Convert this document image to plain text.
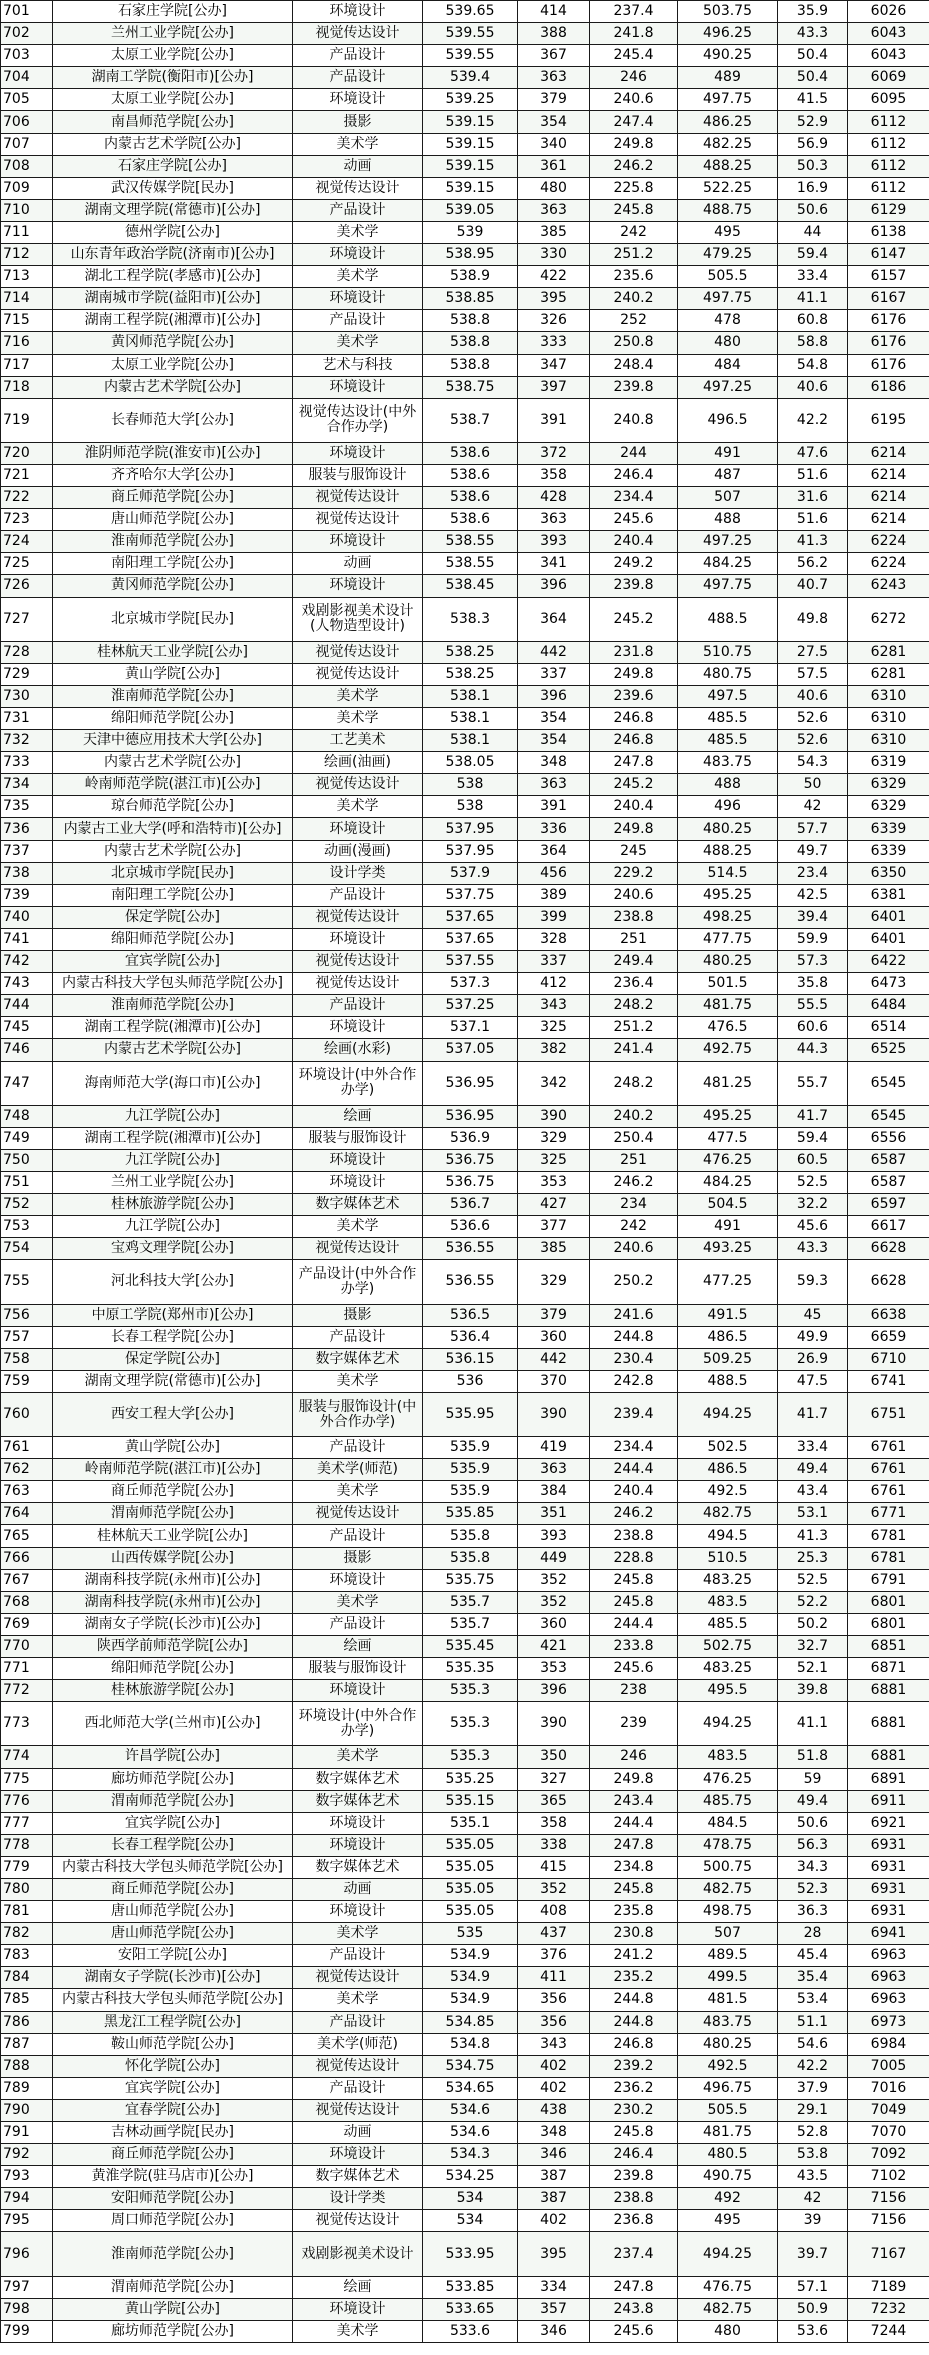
701	石家庄学院[公办]	环境设计	539.65	414	237.4	503.75	35.9	6026
702	兰州工业学院[公办]	视觉传达设计	539.55	388	241.8	496.25	43.3	6043
703	太原工业学院[公办]	产品设计	539.55	367	245.4	490.25	50.4	6043
704	湖南工学院(衡阳市)[公办]	产品设计	539.4	363	246	489	50.4	6069
705	太原工业学院[公办]	环境设计	539.25	379	240.6	497.75	41.5	6095
706	南昌师范学院[公办]	摄影	539.15	354	247.4	486.25	52.9	6112
707	内蒙古艺术学院[公办]	美术学	539.15	340	249.8	482.25	56.9	6112
708	石家庄学院[公办]	动画	539.15	361	246.2	488.25	50.3	6112
709	武汉传媒学院[民办]	视觉传达设计	539.15	480	225.8	522.25	16.9	6112
710	湖南文理学院(常德市)[公办]	产品设计	539.05	363	245.8	488.75	50.6	6129
711	德州学院[公办]	美术学	539	385	242	495	44	6138
712	山东青年政治学院(济南市)[公办]	环境设计	538.95	330	251.2	479.25	59.4	6147
713	湖北工程学院(孝感市)[公办]	美术学	538.9	422	235.6	505.5	33.4	6157
714	湖南城市学院(益阳市)[公办]	环境设计	538.85	395	240.2	497.75	41.1	6167
715	湖南工程学院(湘潭市)[公办]	产品设计	538.8	326	252	478	60.8	6176
716	黄冈师范学院[公办]	美术学	538.8	333	250.8	480	58.8	6176
717	太原工业学院[公办]	艺术与科技	538.8	347	248.4	484	54.8	6176
718	内蒙古艺术学院[公办]	环境设计	538.75	397	239.8	497.25	40.6	6186
719	长春师范大学[公办]	视觉传达设计(中外合作办学)	538.7	391	240.8	496.5	42.2	6195
720	淮阴师范学院(淮安市)[公办]	环境设计	538.6	372	244	491	47.6	6214
721	齐齐哈尔大学[公办]	服装与服饰设计	538.6	358	246.4	487	51.6	6214
722	商丘师范学院[公办]	视觉传达设计	538.6	428	234.4	507	31.6	6214
723	唐山师范学院[公办]	视觉传达设计	538.6	363	245.6	488	51.6	6214
724	淮南师范学院[公办]	环境设计	538.55	393	240.4	497.25	41.3	6224
725	南阳理工学院[公办]	动画	538.55	341	249.2	484.25	56.2	6224
726	黄冈师范学院[公办]	环境设计	538.45	396	239.8	497.75	40.7	6243
727	北京城市学院[民办]	戏剧影视美术设计(人物造型设计)	538.3	364	245.2	488.5	49.8	6272
728	桂林航天工业学院[公办]	视觉传达设计	538.25	442	231.8	510.75	27.5	6281
729	黄山学院[公办]	视觉传达设计	538.25	337	249.8	480.75	57.5	6281
730	淮南师范学院[公办]	美术学	538.1	396	239.6	497.5	40.6	6310
731	绵阳师范学院[公办]	美术学	538.1	354	246.8	485.5	52.6	6310
732	天津中德应用技术大学[公办]	工艺美术	538.1	354	246.8	485.5	52.6	6310
733	内蒙古艺术学院[公办]	绘画(油画)	538.05	348	247.8	483.75	54.3	6319
734	岭南师范学院(湛江市)[公办]	视觉传达设计	538	363	245.2	488	50	6329
735	琼台师范学院[公办]	美术学	538	391	240.4	496	42	6329
736	内蒙古工业大学(呼和浩特市)[公办]	环境设计	537.95	336	249.8	480.25	57.7	6339
737	内蒙古艺术学院[公办]	动画(漫画)	537.95	364	245	488.25	49.7	6339
738	北京城市学院[民办]	设计学类	537.9	456	229.2	514.5	23.4	6350
739	南阳理工学院[公办]	产品设计	537.75	389	240.6	495.25	42.5	6381
740	保定学院[公办]	视觉传达设计	537.65	399	238.8	498.25	39.4	6401
741	绵阳师范学院[公办]	环境设计	537.65	328	251	477.75	59.9	6401
742	宜宾学院[公办]	视觉传达设计	537.55	337	249.4	480.25	57.3	6422
743	内蒙古科技大学包头师范学院[公办]	视觉传达设计	537.3	412	236.4	501.5	35.8	6473
744	淮南师范学院[公办]	产品设计	537.25	343	248.2	481.75	55.5	6484
745	湖南工程学院(湘潭市)[公办]	环境设计	537.1	325	251.2	476.5	60.6	6514
746	内蒙古艺术学院[公办]	绘画(水彩)	537.05	382	241.4	492.75	44.3	6525
747	海南师范大学(海口市)[公办]	环境设计(中外合作办学)	536.95	342	248.2	481.25	55.7	6545
748	九江学院[公办]	绘画	536.95	390	240.2	495.25	41.7	6545
749	湖南工程学院(湘潭市)[公办]	服装与服饰设计	536.9	329	250.4	477.5	59.4	6556
750	九江学院[公办]	环境设计	536.75	325	251	476.25	60.5	6587
751	兰州工业学院[公办]	环境设计	536.75	353	246.2	484.25	52.5	6587
752	桂林旅游学院[公办]	数字媒体艺术	536.7	427	234	504.5	32.2	6597
753	九江学院[公办]	美术学	536.6	377	242	491	45.6	6617
754	宝鸡文理学院[公办]	视觉传达设计	536.55	385	240.6	493.25	43.3	6628
755	河北科技大学[公办]	产品设计(中外合作办学)	536.55	329	250.2	477.25	59.3	6628
756	中原工学院(郑州市)[公办]	摄影	536.5	379	241.6	491.5	45	6638
757	长春工程学院[公办]	产品设计	536.4	360	244.8	486.5	49.9	6659
758	保定学院[公办]	数字媒体艺术	536.15	442	230.4	509.25	26.9	6710
759	湖南文理学院(常德市)[公办]	美术学	536	370	242.8	488.5	47.5	6741
760	西安工程大学[公办]	服装与服饰设计(中外合作办学)	535.95	390	239.4	494.25	41.7	6751
761	黄山学院[公办]	产品设计	535.9	419	234.4	502.5	33.4	6761
762	岭南师范学院(湛江市)[公办]	美术学(师范)	535.9	363	244.4	486.5	49.4	6761
763	商丘师范学院[公办]	美术学	535.9	384	240.4	492.5	43.4	6761
764	渭南师范学院[公办]	视觉传达设计	535.85	351	246.2	482.75	53.1	6771
765	桂林航天工业学院[公办]	产品设计	535.8	393	238.8	494.5	41.3	6781
766	山西传媒学院[公办]	摄影	535.8	449	228.8	510.5	25.3	6781
767	湖南科技学院(永州市)[公办]	环境设计	535.75	352	245.8	483.25	52.5	6791
768	湖南科技学院(永州市)[公办]	美术学	535.7	352	245.8	483.5	52.2	6801
769	湖南女子学院(长沙市)[公办]	产品设计	535.7	360	244.4	485.5	50.2	6801
770	陕西学前师范学院[公办]	绘画	535.45	421	233.8	502.75	32.7	6851
771	绵阳师范学院[公办]	服装与服饰设计	535.35	353	245.6	483.25	52.1	6871
772	桂林旅游学院[公办]	环境设计	535.3	396	238	495.5	39.8	6881
773	西北师范大学(兰州市)[公办]	环境设计(中外合作办学)	535.3	390	239	494.25	41.1	6881
774	许昌学院[公办]	美术学	535.3	350	246	483.5	51.8	6881
775	廊坊师范学院[公办]	数字媒体艺术	535.25	327	249.8	476.25	59	6891
776	渭南师范学院[公办]	数字媒体艺术	535.15	365	243.4	485.75	49.4	6911
777	宜宾学院[公办]	环境设计	535.1	358	244.4	484.5	50.6	6921
778	长春工程学院[公办]	环境设计	535.05	338	247.8	478.75	56.3	6931
779	内蒙古科技大学包头师范学院[公办]	数字媒体艺术	535.05	415	234.8	500.75	34.3	6931
780	商丘师范学院[公办]	动画	535.05	352	245.8	482.75	52.3	6931
781	唐山师范学院[公办]	环境设计	535.05	408	235.8	498.75	36.3	6931
782	唐山师范学院[公办]	美术学	535	437	230.8	507	28	6941
783	安阳工学院[公办]	产品设计	534.9	376	241.2	489.5	45.4	6963
784	湖南女子学院(长沙市)[公办]	视觉传达设计	534.9	411	235.2	499.5	35.4	6963
785	内蒙古科技大学包头师范学院[公办]	美术学	534.9	356	244.8	481.5	53.4	6963
786	黑龙江工程学院[公办]	产品设计	534.85	356	244.8	483.75	51.1	6973
787	鞍山师范学院[公办]	美术学(师范)	534.8	343	246.8	480.25	54.6	6984
788	怀化学院[公办]	视觉传达设计	534.75	402	239.2	492.5	42.2	7005
789	宜宾学院[公办]	产品设计	534.65	402	236.2	496.75	37.9	7016
790	宜春学院[公办]	视觉传达设计	534.6	438	230.2	505.5	29.1	7049
791	吉林动画学院[民办]	动画	534.6	348	245.8	481.75	52.8	7070
792	商丘师范学院[公办]	环境设计	534.3	346	246.4	480.5	53.8	7092
793	黄淮学院(驻马店市)[公办]	数字媒体艺术	534.25	387	239.8	490.75	43.5	7102
794	安阳师范学院[公办]	设计学类	534	387	238.8	492	42	7156
795	周口师范学院[公办]	视觉传达设计	534	402	236.8	495	39	7156
796	淮南师范学院[公办]	戏剧影视美术设计	533.95	395	237.4	494.25	39.7	7167
797	渭南师范学院[公办]	绘画	533.85	334	247.8	476.75	57.1	7189
798	黄山学院[公办]	环境设计	533.65	357	243.8	482.75	50.9	7232
799	廊坊师范学院[公办]	美术学	533.6	346	245.6	480	53.6	7244
